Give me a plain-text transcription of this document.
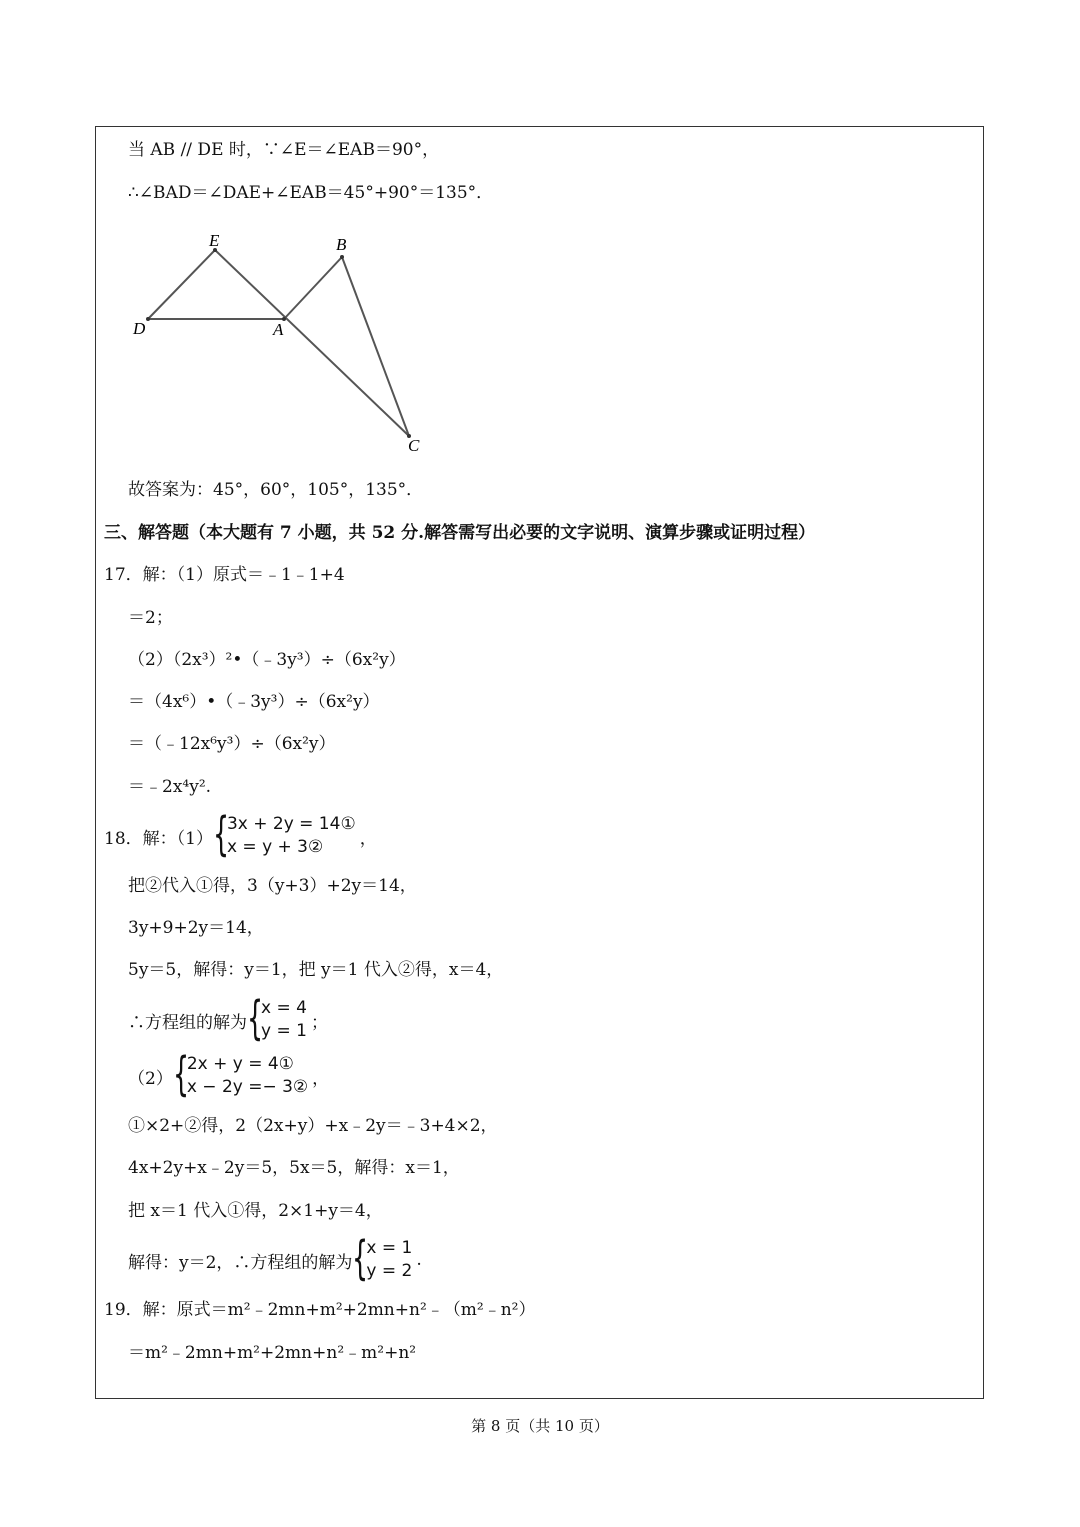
当 AB // DE 时，∵∠E＝∠EAB＝90°，
∴∠BAD＝∠DAE+∠EAB＝45°+90°＝135°．
E	B
D	A
C
故答案为：45°，60°，105°，135°．
三、解答题（本大题有 7 小题，共 52 分.解答需写出必要的文字说明、演算步骤或证明过程）
17．解：（1）原式＝﹣1﹣1+4
＝2；
（2）（2x³）²•（﹣3y³）÷（6x²y）
＝（4x⁶）•（﹣3y³）÷（6x²y）
＝（﹣12x⁶y³）÷（6x²y）
＝﹣2x⁴y².
18．解：（1） {
3x + 2y = 14①
x = y + 3②	，
把②代入①得，3（y+3）+2y＝14，
3y+9+2y＝14，
5y＝5，解得：y＝1，把 y＝1 代入②得，x＝4，
∴方程组的解为 {
x = 4
y = 1 ；
（2） {
2x + y = 4①
x − 2y =− 3② ，
①×2+②得，2（2x+y）+x﹣2y＝﹣3+4×2，
4x+2y+x﹣2y＝5，5x＝5，解得：x＝1，
把 x＝1 代入①得，2×1+y＝4，
解得：y＝2，∴方程组的解为 {
x = 1
y = 2
.
19．解：原式＝m²﹣2mn+m²+2mn+n²﹣（m²﹣n²）
＝m²﹣2mn+m²+2mn+n²﹣m²+n²
第 8 页（共 10 页）
